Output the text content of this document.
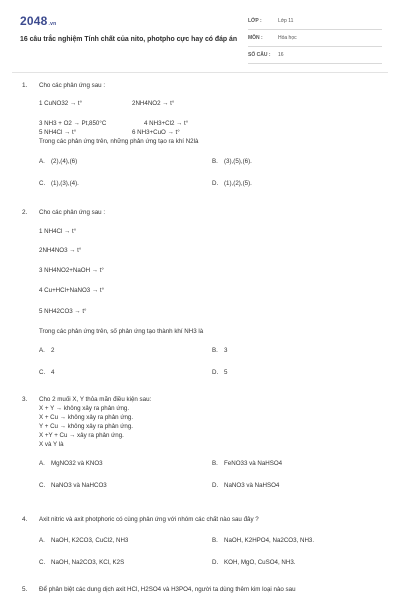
2048.vn
16 câu trắc nghiệm Tính chất của nito, photpho cực hay có đáp án
LỚP :	Lớp 11
MÔN :	Hóa học
SỐ CÂU : 16
1. Cho các phản ứng sau :
1 CuNO32 → t°	2NH4NO2 → t°
3 NH3 + O2 → Pt,850°C	4 NH3+Cl2 → t°
5 NH4Cl → t°	6 NH3+CuO → t°
Trong các phản ứng trên, những phản ứng tạo ra khí N2là
A. (2),(4),(6)	B. (3),(5),(6).
C. (1),(3),(4).	D. (1),(2),(5).
2. Cho các phản ứng sau :
1 NH4Cl → t°
2NH4NO3 → t°
3 NH4NO2+NaOH → t°
4 Cu+HCl+NaNO3 → t°
5 NH42CO3 → t°
Trong các phản ứng trên, số phản ứng tạo thành khí NH3 là
A. 2	B. 3
C. 4	D. 5
3. Cho 2 muối X, Y thỏa mãn điều kiện sau:
X + Y → không xảy ra phản ứng.
X + Cu → không xảy ra phản ứng.
Y + Cu → không xảy ra phản ứng.
X +Y + Cu → xảy ra phản ứng.
X và Y là
A. MgNO32 và KNO3	B. FeNO33 và NaHSO4
C. NaNO3 và NaHCO3	D. NaNO3 và NaHSO4
4. Axit nitric và axit photphoric có cùng phản ứng với nhóm các chất nào sau đây ?
A. NaOH, K2CO3, CuCl2, NH3	B. NaOH, K2HPO4, Na2CO3, NH3.
C. NaOH, Na2CO3, KCl, K2S	D. KOH, MgO, CuSO4, NH3.
5. Để phân biệt các dung dịch axit HCl, H2SO4 và H3PO4, người ta dùng thêm kim loại nào sau
